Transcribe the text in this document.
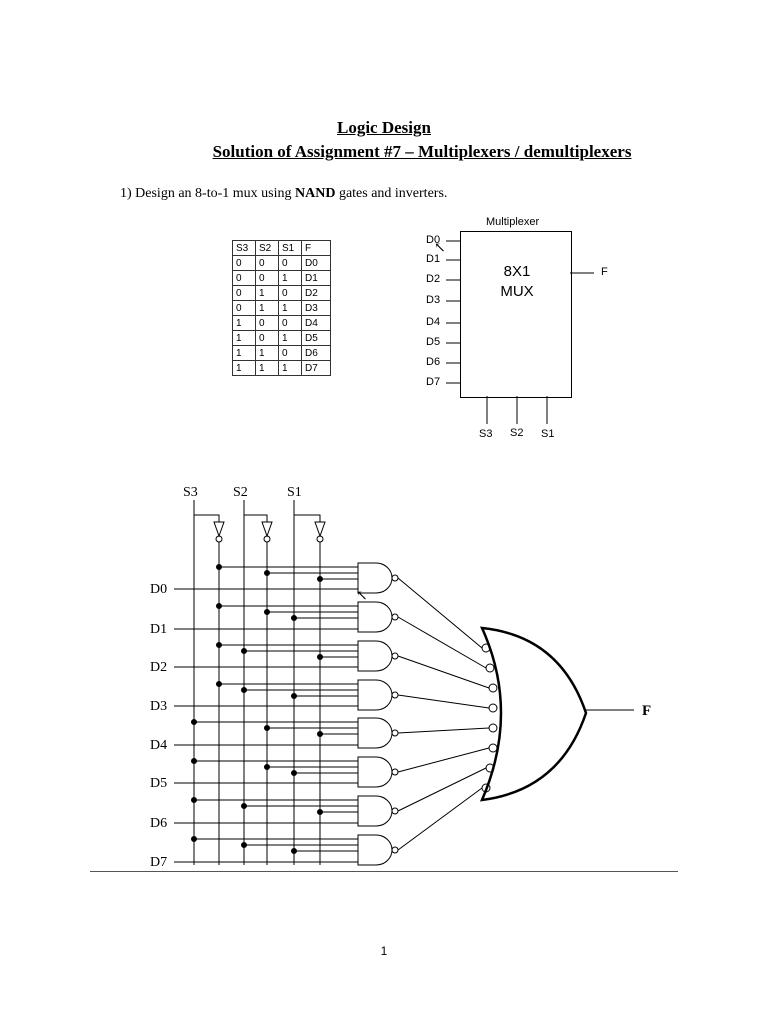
Logic Design
Solution of Assignment #7 – Multiplexers / demultiplexers
1) Design an 8-to-1 mux using NAND gates and inverters.
S3	S2	S1	F
0	0	0	D0
0	0	1	D1
0	1	0	D2
0	1	1	D3
1	0	0	D4
1	0	1	D5
1	1	0	D6
1	1	1	D7
Multiplexer
8X1
MUX
D0
D1
D2
D3
D4
D5
D6
D7
F
S3 S2 S1
↖
S3	S2	S1
D0
D1
D2
D3
D4
D5
D6
D7
F
↖
1
